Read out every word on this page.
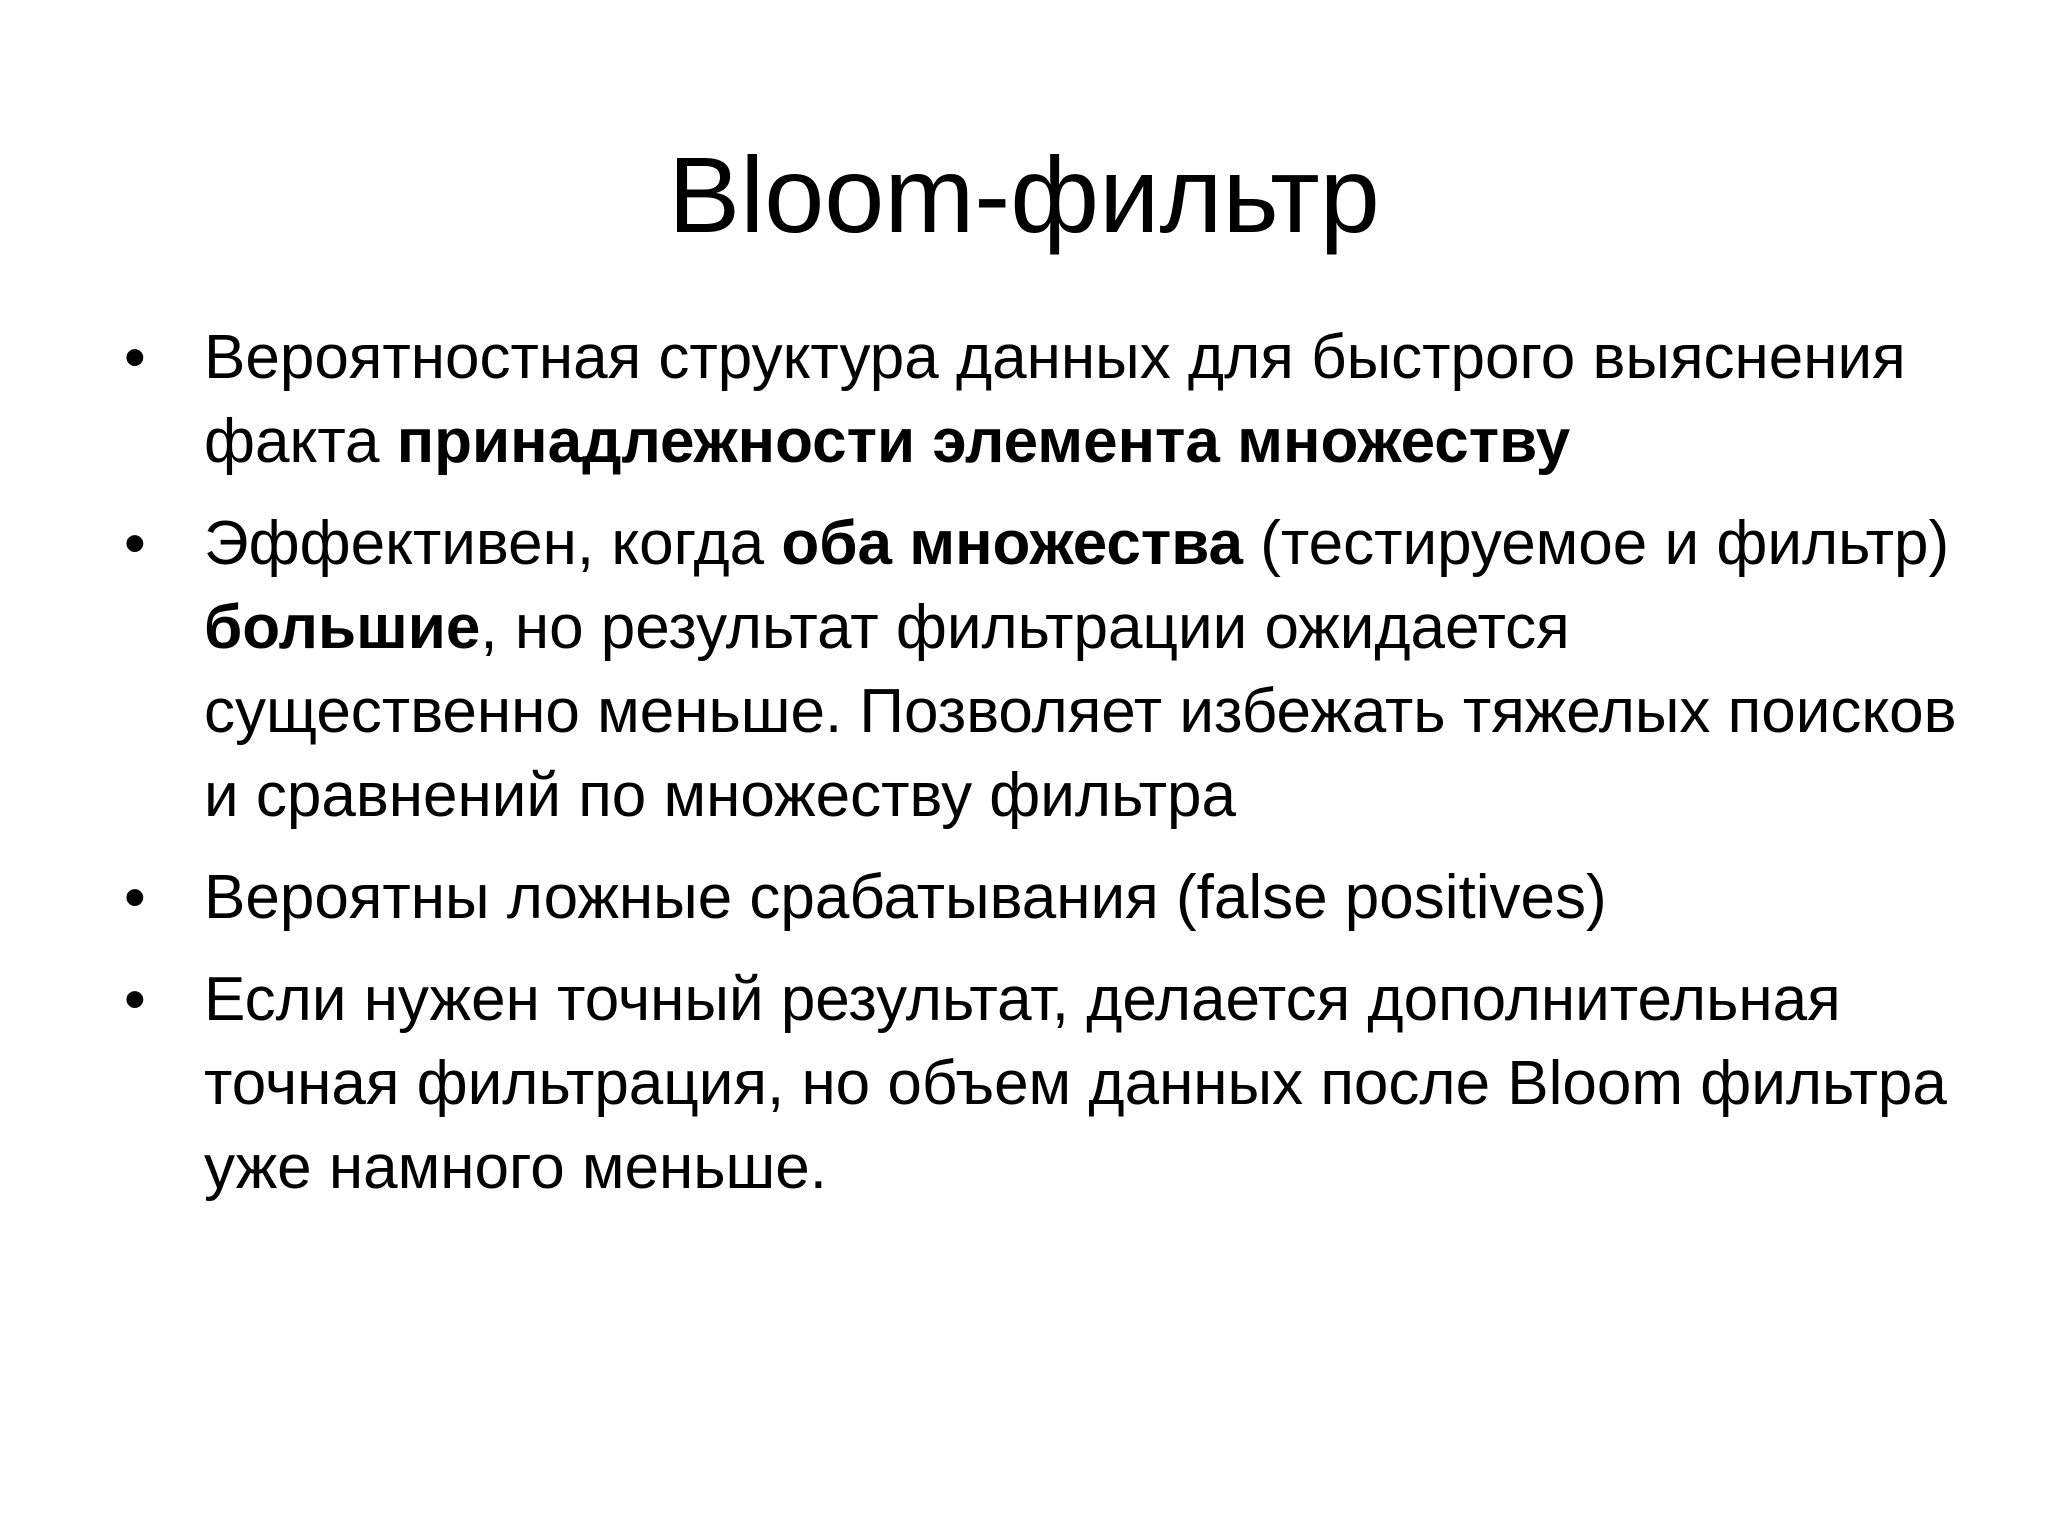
Bloom-фильтр
• Вероятностная структура данных для быстрого выяснения факта принадлежности элемента множеству
• Эффективен, когда оба множества (тестируемое и фильтр) большие, но результат фильтрации ожидается существенно меньше. Позволяет избежать тяжелых поисков и сравнений по множеству фильтра
• Вероятны ложные срабатывания (false positives)
• Если нужен точный результат, делается дополнительная точная фильтрация, но объем данных после Bloom фильтра уже намного меньше.
